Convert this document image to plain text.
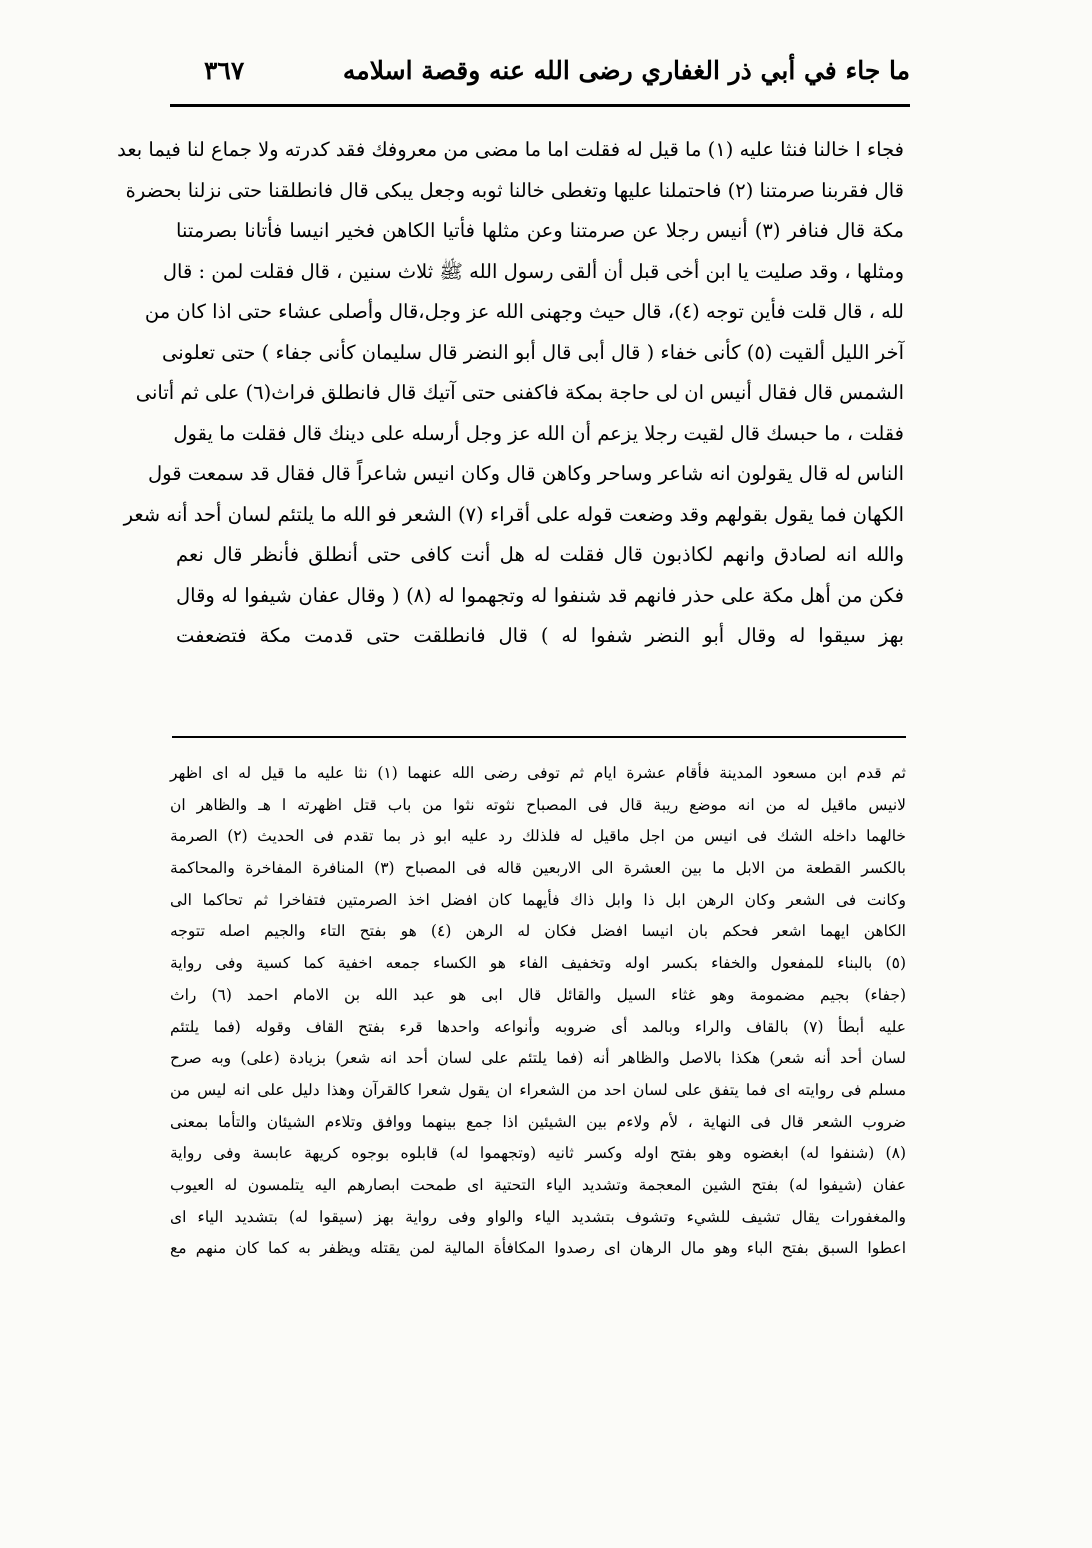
ما جاء في أبي ذر الغفاري رضى الله عنه وقصة اسلامه
٣٦٧
فجاء ا خالنا فنثا عليه (١) ما قيل له فقلت اما ما مضى من معروفك فقد كدرته ولا جماع لنا فيما بعد
قال فقربنا صرمتنا (٢) فاحتملنا عليها وتغطى خالنا ثوبه وجعل يبكى قال فانطلقنا حتى نزلنا بحضرة
مكة قال فنافر (٣) أنيس رجلا عن صرمتنا وعن مثلها فأتيا الكاهن فخير انيسا فأتانا بصرمتنا
ومثلها ، وقد صليت يا ابن أخى قبل أن ألقى رسول الله ﷺ ثلاث سنين ، قال فقلت لمن : قال
لله ، قال قلت فأين توجه (٤)، قال حيث وجهنى الله عز وجل،قال وأصلى عشاء حتى اذا كان من
آخر الليل ألقيت (٥) كأنى خفاء ( قال أبى قال أبو النضر قال سليمان كأنى جفاء ) حتى تعلونى
الشمس قال فقال أنيس ان لى حاجة بمكة فاكفنى حتى آتيك قال فانطلق فراث(٦) على ثم أتانى
فقلت ، ما حبسك قال لقيت رجلا يزعم أن الله عز وجل أرسله على دينك قال فقلت ما يقول
الناس له قال يقولون انه شاعر وساحر وكاهن قال وكان انيس شاعراً قال فقال قد سمعت قول
الكهان فما يقول بقولهم وقد وضعت قوله على أقراء (٧) الشعر فو الله ما يلتئم لسان أحد أنه شعر
والله انه لصادق وانهم لكاذبون قال فقلت له هل أنت كافى حتى أنطلق فأنظر قال نعم
فكن من أهل مكة على حذر فانهم قد شنفوا له وتجهموا له (٨) ( وقال عفان شيفوا له وقال
بهز سيقوا له وقال أبو النضر شفوا له ) قال فانطلقت حتى قدمت مكة فتضعفت
ثم قدم ابن مسعود المدينة فأقام عشرة ايام ثم توفى رضى الله عنهما (١) نثا عليه ما قيل له اى اظهر
لانيس ماقيل له من انه موضع ريبة قال فى المصباح نثوته نثوا من باب قتل اظهرته ا هـ والظاهر ان
خالهما داخله الشك فى انيس من اجل ماقيل له فلذلك رد عليه ابو ذر بما تقدم فى الحديث (٢) الصرمة
بالكسر القطعة من الابل ما بين العشرة الى الاربعين قاله فى المصباح (٣) المنافرة المفاخرة والمحاكمة
وكانت فى الشعر وكان الرهن ابل ذا وابل ذاك فأيهما كان افضل اخذ الصرمتين فتفاخرا ثم تحاكما الى
الكاهن ايهما اشعر فحكم بان انيسا افضل فكان له الرهن (٤) هو بفتح التاء والجيم اصله تتوجه
(٥) بالبناء للمفعول والخفاء بكسر اوله وتخفيف الفاء هو الكساء جمعه اخفية كما كسية وفى رواية
(جفاء) بجيم مضمومة وهو غثاء السيل والقائل قال ابى هو عبد الله بن الامام احمد (٦) راث
عليه أبطأ (٧) بالقاف والراء وبالمد أى ضروبه وأنواعه واحدها قرء بفتح القاف وقوله (فما يلتئم
لسان أحد أنه شعر) هكذا بالاصل والظاهر أنه (فما يلتئم على لسان أحد انه شعر) بزيادة (على) وبه صرح
مسلم فى روايته اى فما يتفق على لسان احد من الشعراء ان يقول شعرا كالقرآن وهذا دليل على انه ليس من
ضروب الشعر قال فى النهاية ، لأم ولاءم بين الشيئين اذا جمع بينهما ووافق وتلاءم الشيئان والتأما بمعنى
(٨) (شنفوا له) ابغضوه وهو بفتح اوله وكسر ثانيه (وتجهموا له) قابلوه بوجوه كريهة عابسة وفى رواية
عفان (شيفوا له) بفتح الشين المعجمة وتشديد الياء التحتية اى طمحت ابصارهم اليه يتلمسون له العيوب
والمغفورات يقال تشيف للشيء وتشوف بتشديد الياء والواو وفى رواية بهز (سيقوا له) بتشديد الياء اى
اعطوا السبق بفتح الباء وهو مال الرهان اى رصدوا المكافأة المالية لمن يقتله ويظفر به كما كان منهم مع
